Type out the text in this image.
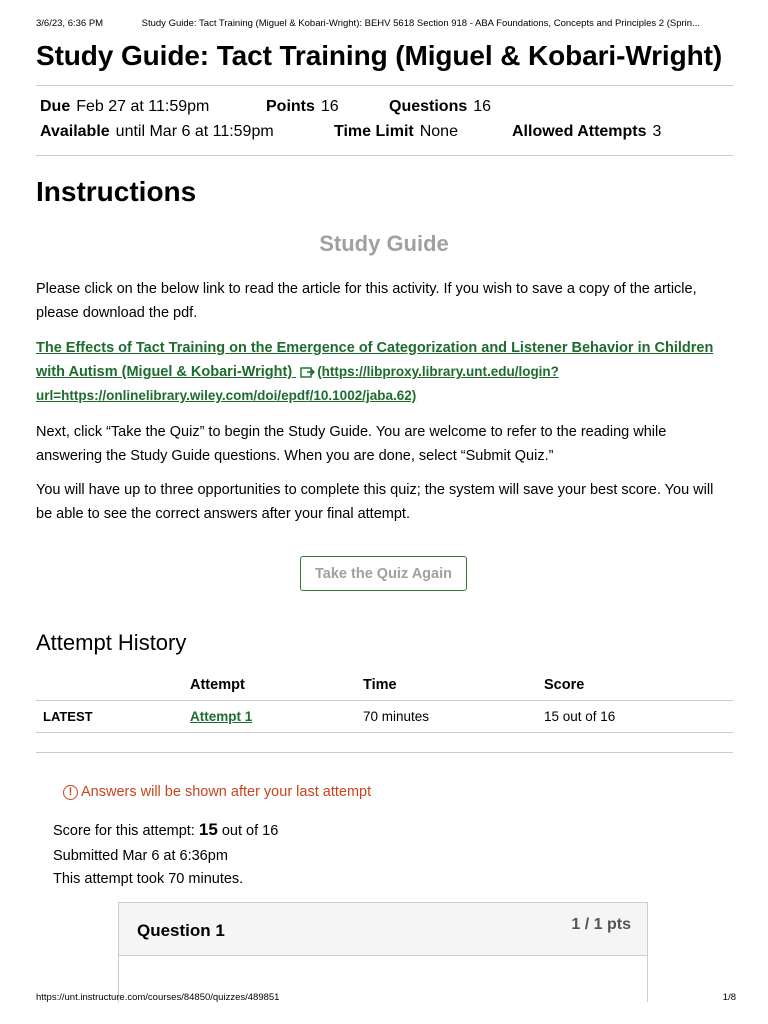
3/6/23, 6:36 PM	Study Guide: Tact Training (Miguel & Kobari-Wright): BEHV 5618 Section 918 - ABA Foundations, Concepts and Principles 2 (Sprin...
Study Guide: Tact Training (Miguel & Kobari-Wright)
Due Feb 27 at 11:59pm	Points 16	Questions 16
Available until Mar 6 at 11:59pm	Time Limit None	Allowed Attempts 3
Instructions
Study Guide

Please click on the below link to read the article for this activity. If you wish to save a copy of the article, please download the pdf.

The Effects of Tact Training on the Emergence of Categorization and Listener Behavior in Children with Autism (Miguel & Kobari-Wright) (https://libproxy.library.unt.edu/login?url=https://onlinelibrary.wiley.com/doi/epdf/10.1002/jaba.62)

Next, click “Take the Quiz” to begin the Study Guide. You are welcome to refer to the reading while answering the Study Guide questions. When you are done, select “Submit Quiz.”

You will have up to three opportunities to complete this quiz; the system will save your best score. You will be able to see the correct answers after your final attempt.

Take the Quiz Again
Attempt History
	Attempt	Time	Score
LATEST	Attempt 1	70 minutes	15 out of 16
! Answers will be shown after your last attempt
Score for this attempt: 15 out of 16
Submitted Mar 6 at 6:36pm
This attempt took 70 minutes.
Question 1	1 / 1 pts
https://unt.instructure.com/courses/84850/quizzes/489851	1/8
